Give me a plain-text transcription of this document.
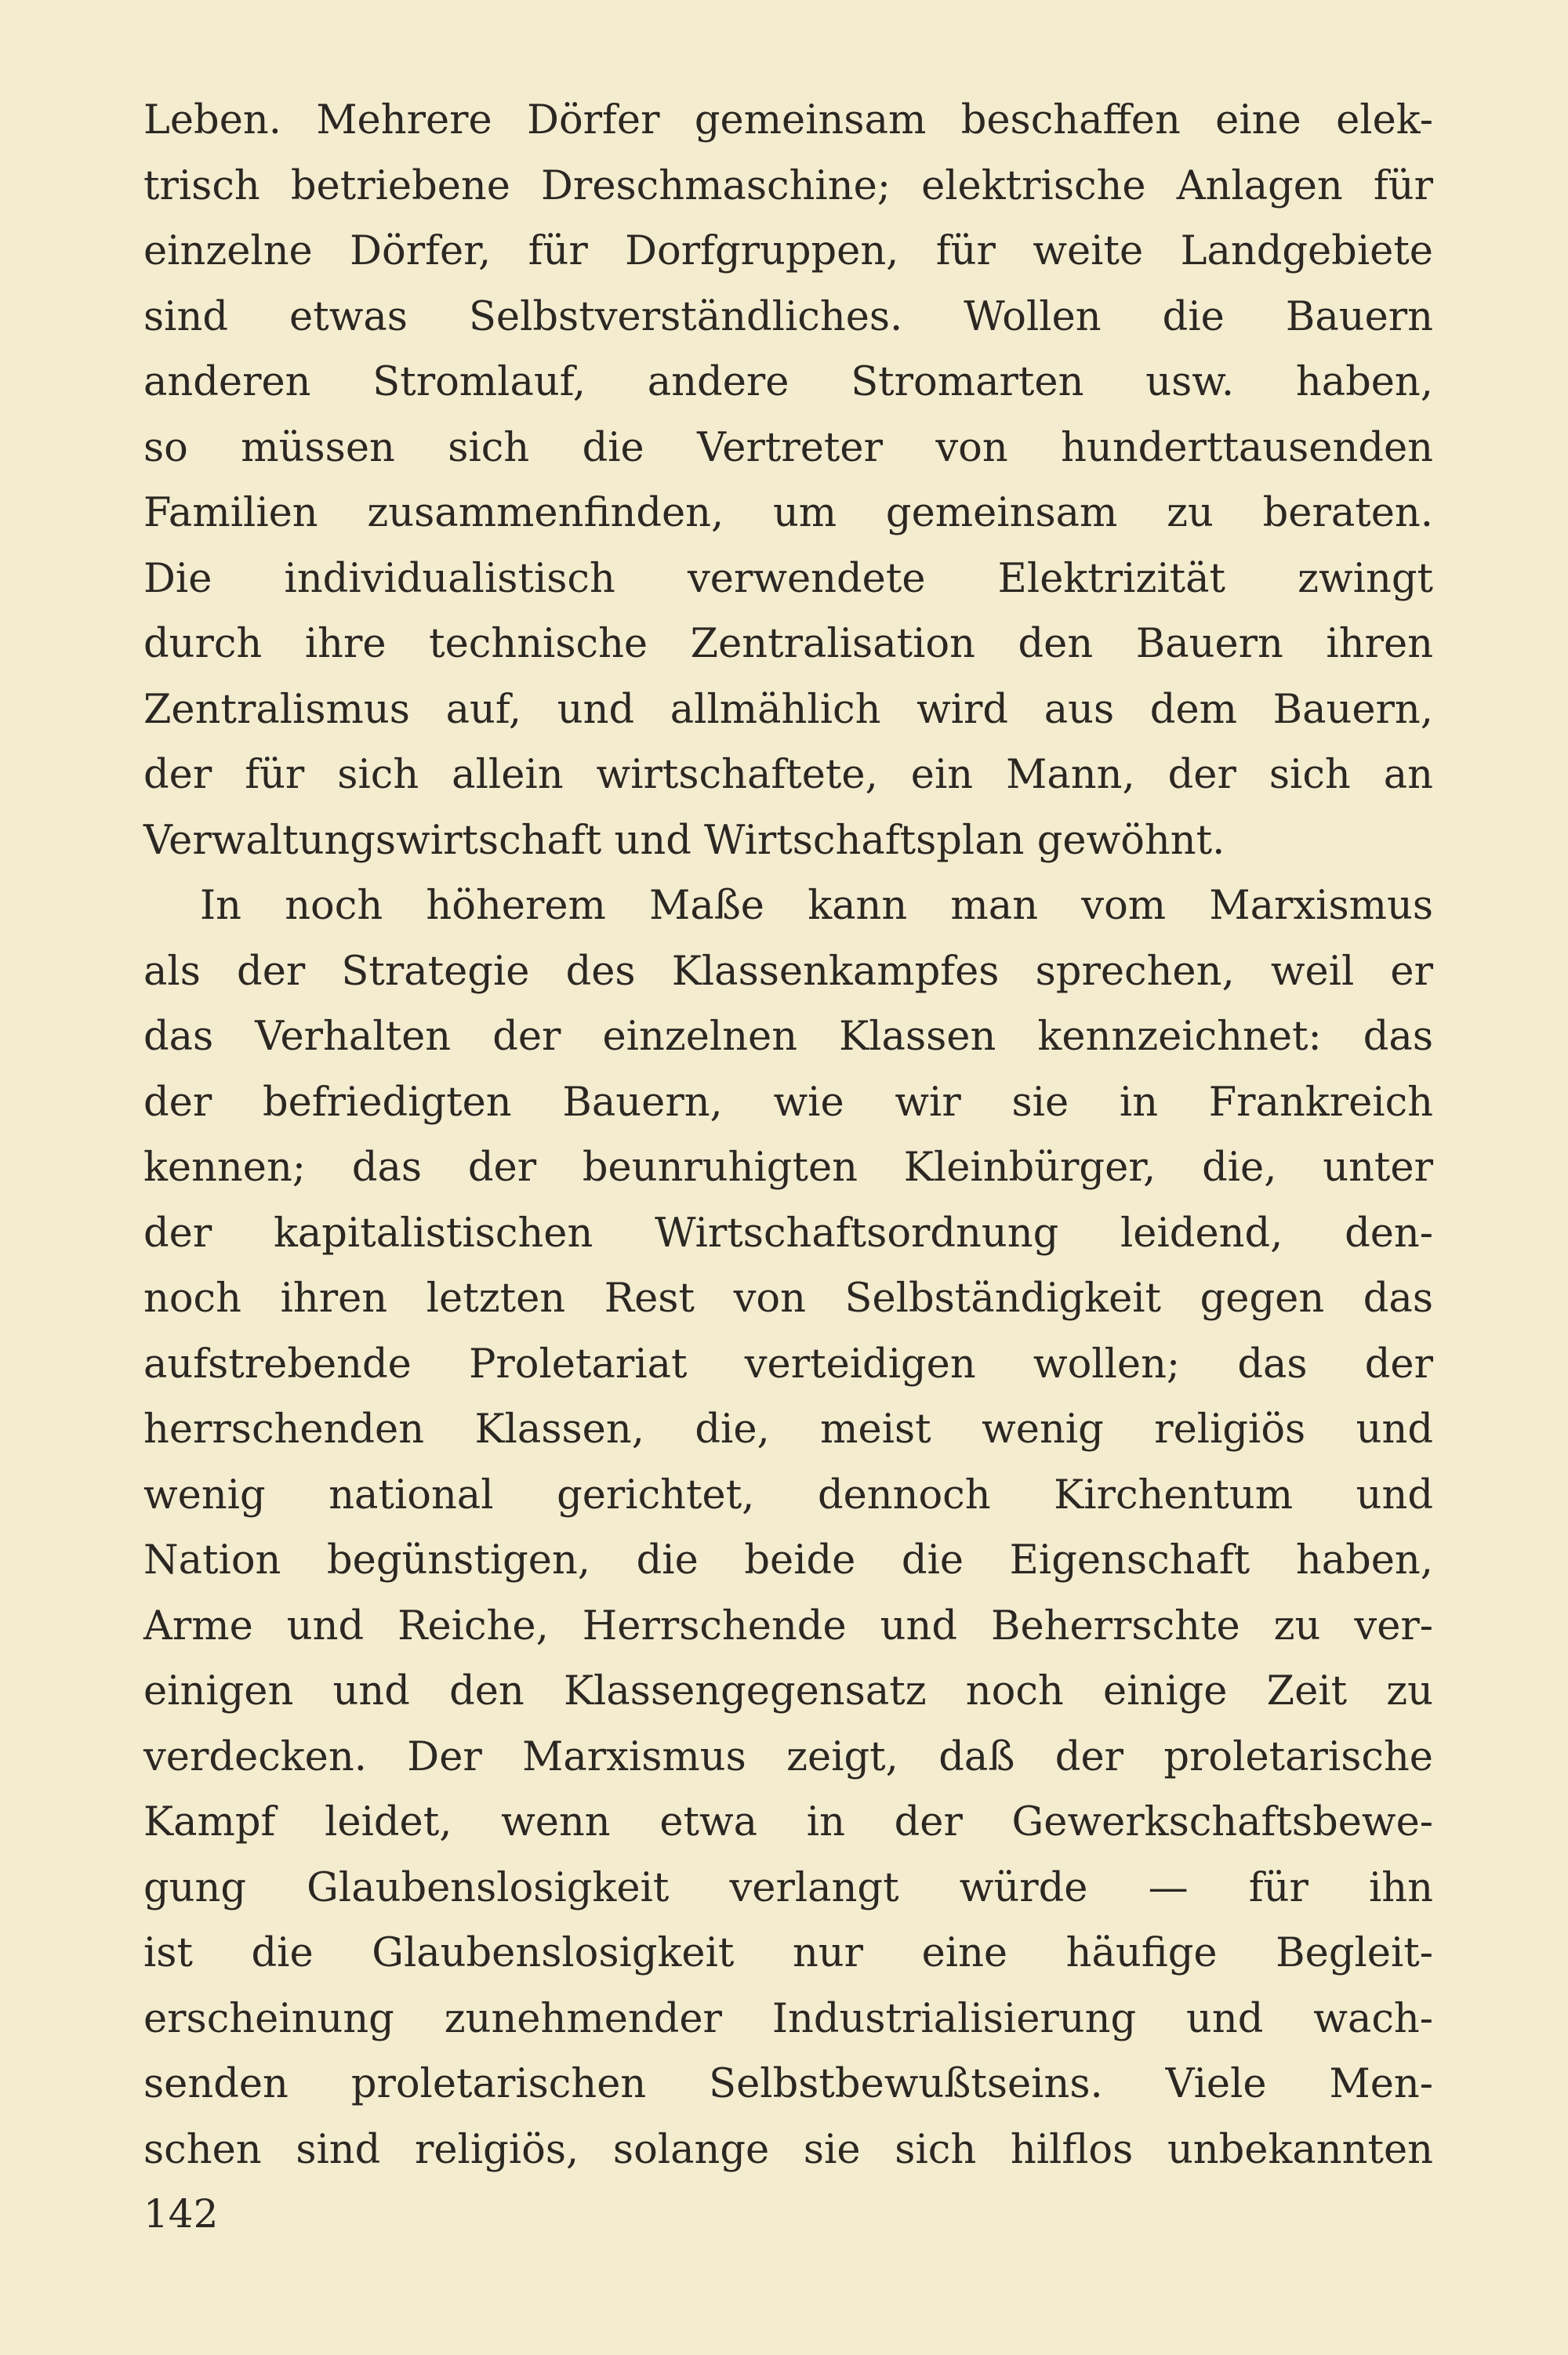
Leben. Mehrere Dörfer gemeinsam beschaffen eine elek-
trisch betriebene Dreschmaschine; elektrische Anlagen für
einzelne Dörfer, für Dorfgruppen, für weite Landgebiete
sind etwas Selbstverständliches. Wollen die Bauern
anderen Stromlauf, andere Stromarten usw. haben,
so müssen sich die Vertreter von hunderttausenden
Familien zusammenfinden, um gemeinsam zu beraten.
Die individualistisch verwendete Elektrizität zwingt
durch ihre technische Zentralisation den Bauern ihren
Zentralismus auf, und allmählich wird aus dem Bauern,
der für sich allein wirtschaftete, ein Mann, der sich an
Verwaltungswirtschaft und Wirtschaftsplan gewöhnt.
In noch höherem Maße kann man vom Marxismus
als der Strategie des Klassenkampfes sprechen, weil er
das Verhalten der einzelnen Klassen kennzeichnet: das
der befriedigten Bauern, wie wir sie in Frankreich
kennen; das der beunruhigten Kleinbürger, die, unter
der kapitalistischen Wirtschaftsordnung leidend, den-
noch ihren letzten Rest von Selbständigkeit gegen das
aufstrebende Proletariat verteidigen wollen; das der
herrschenden Klassen, die, meist wenig religiös und
wenig national gerichtet, dennoch Kirchentum und
Nation begünstigen, die beide die Eigenschaft haben,
Arme und Reiche, Herrschende und Beherrschte zu ver-
einigen und den Klassengegensatz noch einige Zeit zu
verdecken. Der Marxismus zeigt, daß der proletarische
Kampf leidet, wenn etwa in der Gewerkschaftsbewe-
gung Glaubenslosigkeit verlangt würde — für ihn
ist die Glaubenslosigkeit nur eine häufige Begleit-
erscheinung zunehmender Industrialisierung und wach-
senden proletarischen Selbstbewußtseins. Viele Men-
schen sind religiös, solange sie sich hilflos unbekannten
142
